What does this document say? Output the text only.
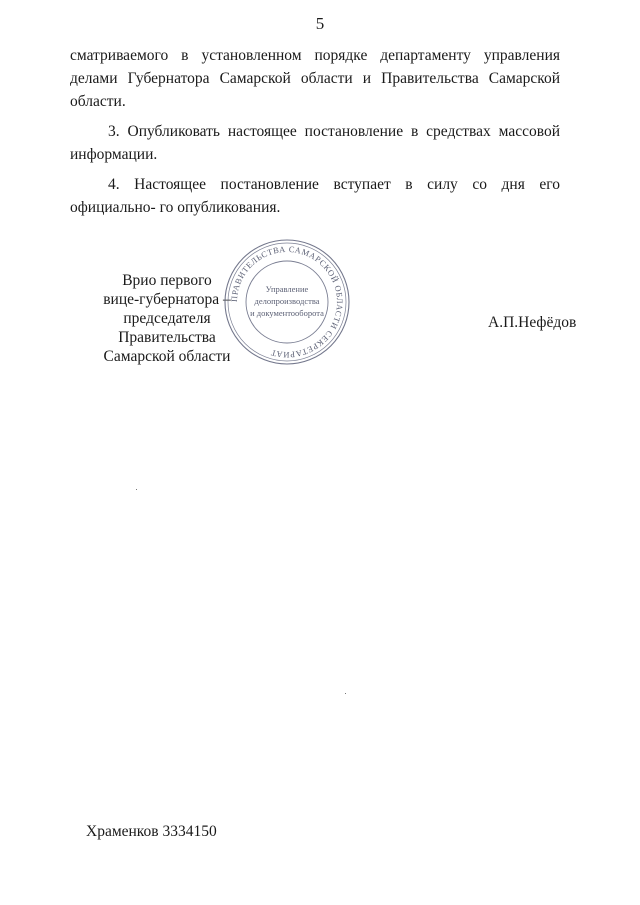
5

сматриваемого в установленном порядке департаменту управления делами Губернатора Самарской области и Правительства Самарской области.

3. Опубликовать настоящее постановление в средствах массовой информации.

4. Настоящее постановление вступает в силу со дня его официально- го опубликования.

Врио первого
вице-губернатора –
председателя Правительства
Самарской области
ПРАВИТЕЛЬСТВА САМАРСКОЙ ОБЛАСТИ СЕКРЕТАРИАТ
Управление
делопроизводства
и документооборота
А.П.Нефёдов
Храменков 3334150
